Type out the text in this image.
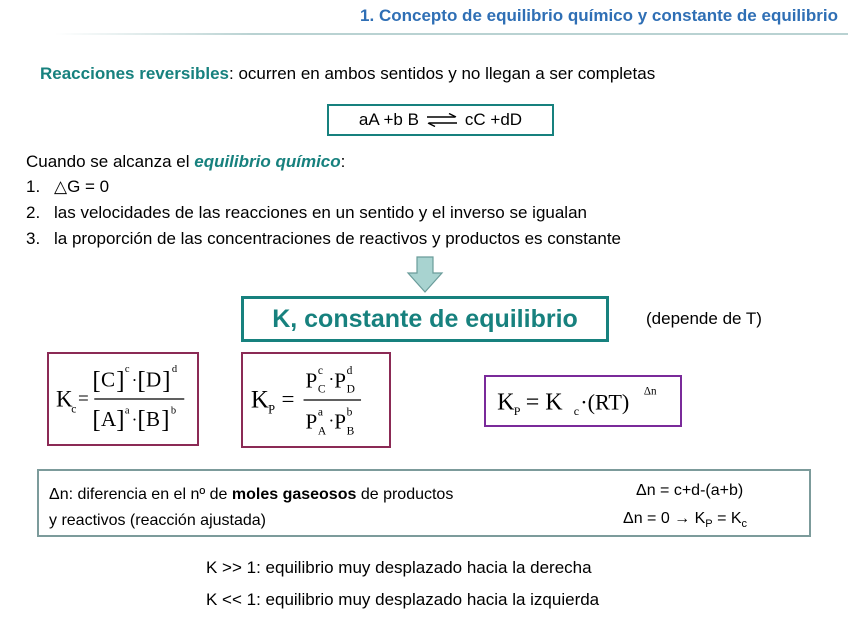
1. Concepto de equilibrio químico y constante de equilibrio
Reacciones reversibles: ocurren en ambos sentidos y no llegan a ser completas
aA +b B ⇌ cC +dD
Cuando se alcanza el equilibrio químico:
1. △G = 0
2. las velocidades de las reacciones en un sentido y el inverso se igualan
3. la proporción de las concentraciones de reactivos y productos es constante
K, constante de equilibrio	(depende de T)
K
c =
[ C ] c
· [ D ] d
[ A ] a · [ B ] b	K P =
P c
C
· P d
D
P a
A
· P b
B
K P = K c ·(RT) Δn
Δn: diferencia en el nº de moles gaseosos de productos
y reactivos (reacción ajustada)
Δn = c+d-(a+b)
$\Delta n = 0 \to K_P = K_c$
K >> 1: equilibrio muy desplazado hacia la derecha
K << 1: equilibrio muy desplazado hacia la izquierda
